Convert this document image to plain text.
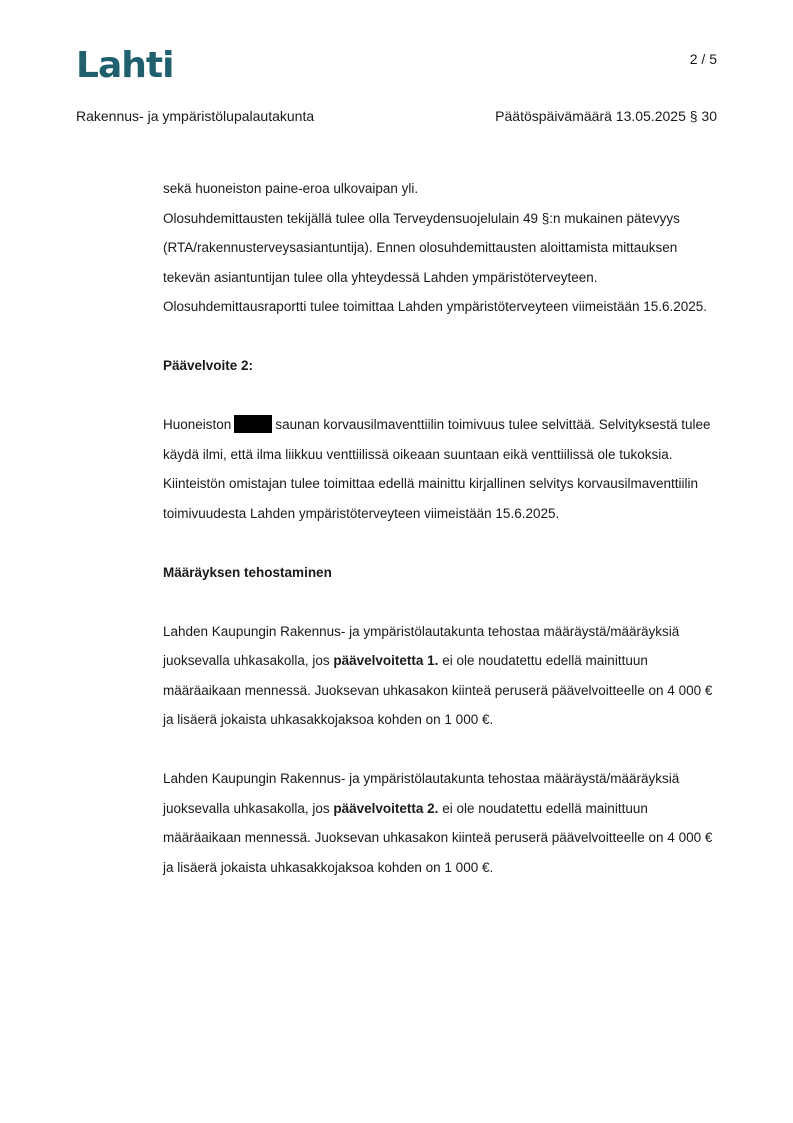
Lahti	2 / 5
Rakennus- ja ympäristölupalautakunta	Päätöspäivämäärä 13.05.2025 § 30

sekä huoneiston paine-eroa ulkovaipan yli.

Olosuhdemittausten tekijällä tulee olla Terveydensuojelulain 49 §:n mukainen pätevyys (RTA/rakennusterveysasiantuntija). Ennen olosuhdemittausten aloittamista mittauksen tekevän asiantuntijan tulee olla yhteydessä Lahden ympäristöterveyteen.

Olosuhdemittausraportti tulee toimittaa Lahden ympäristöterveyteen viimeistään 15.6.2025.

Päävelvoite 2:

Huoneiston	saunan korvausilmaventtiilin toimivuus tulee selvittää. Selvityksestä tulee käydä ilmi, että ilma liikkuu venttiilissä oikeaan suuntaan eikä venttiilissä ole tukoksia. Kiinteistön omistajan tulee toimittaa edellä mainittu kirjallinen selvitys korvausilmaventtiilin toimivuudesta Lahden ympäristöterveyteen viimeistään 15.6.2025.

Määräyksen tehostaminen

Lahden Kaupungin Rakennus- ja ympäristölautakunta tehostaa määräystä/määräyksiä juoksevalla uhkasakolla, jos päävelvoitetta 1. ei ole noudatettu edellä mainittuun määräaikaan mennessä. Juoksevan uhkasakon kiinteä peruserä päävelvoitteelle on 4 000 € ja lisäerä jokaista uhkasakkojaksoa kohden on 1 000 €.

Lahden Kaupungin Rakennus- ja ympäristölautakunta tehostaa määräystä/määräyksiä juoksevalla uhkasakolla, jos päävelvoitetta 2. ei ole noudatettu edellä mainittuun määräaikaan mennessä. Juoksevan uhkasakon kiinteä peruserä päävelvoitteelle on 4 000 € ja lisäerä jokaista uhkasakkojaksoa kohden on 1 000 €.
